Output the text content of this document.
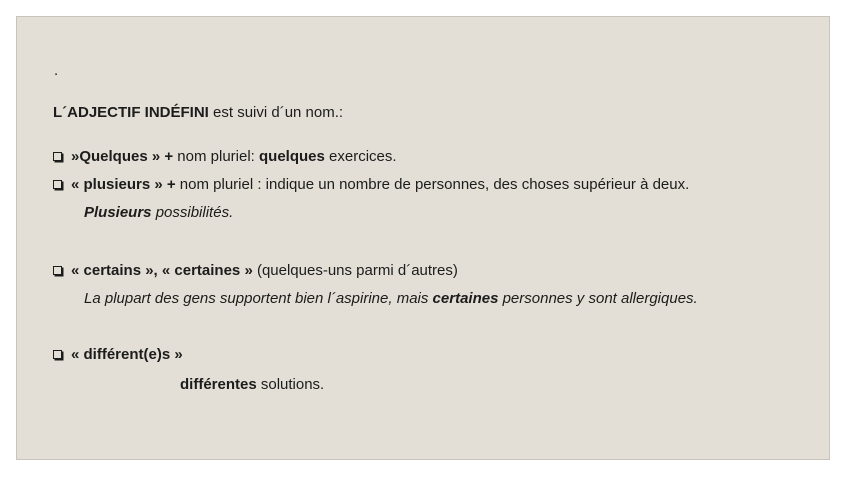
.
L´ADJECTIF INDÉFINI est suivi d´un nom.:
»Quelques » + nom pluriel: quelques exercices.
« plusieurs » + nom pluriel : indique un nombre de personnes, des choses supérieur à deux.
Plusieurs possibilités.
« certains », « certaines » (quelques-uns parmi d´autres)
La plupart des gens supportent bien l´aspirine, mais certaines personnes y sont allergiques.
« différent(e)s »
différentes solutions.
